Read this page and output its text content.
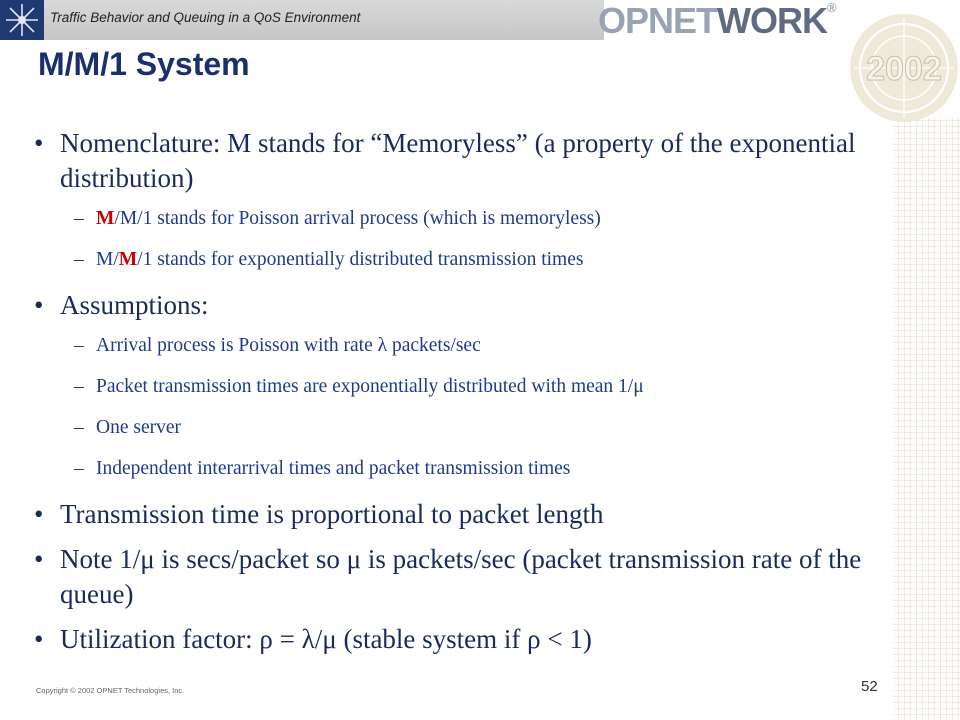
Traffic Behavior and Queuing in a QoS Environment	OPNETWORK®
2002
M/M/1 System
• Nomenclature: M stands for “Memoryless” (a property of the exponential distribution)
– M/M/1 stands for Poisson arrival process (which is memoryless)
– M/M/1 stands for exponentially distributed transmission times
• Assumptions:
– Arrival process is Poisson with rate λ packets/sec
– Packet transmission times are exponentially distributed with mean 1/μ
– One server
– Independent interarrival times and packet transmission times
• Transmission time is proportional to packet length
• Note 1/μ is secs/packet so μ is packets/sec (packet transmission rate of the queue)
• Utilization factor: ρ = λ/μ (stable system if ρ < 1)
Copyright © 2002 OPNET Technologies, Inc.	52
